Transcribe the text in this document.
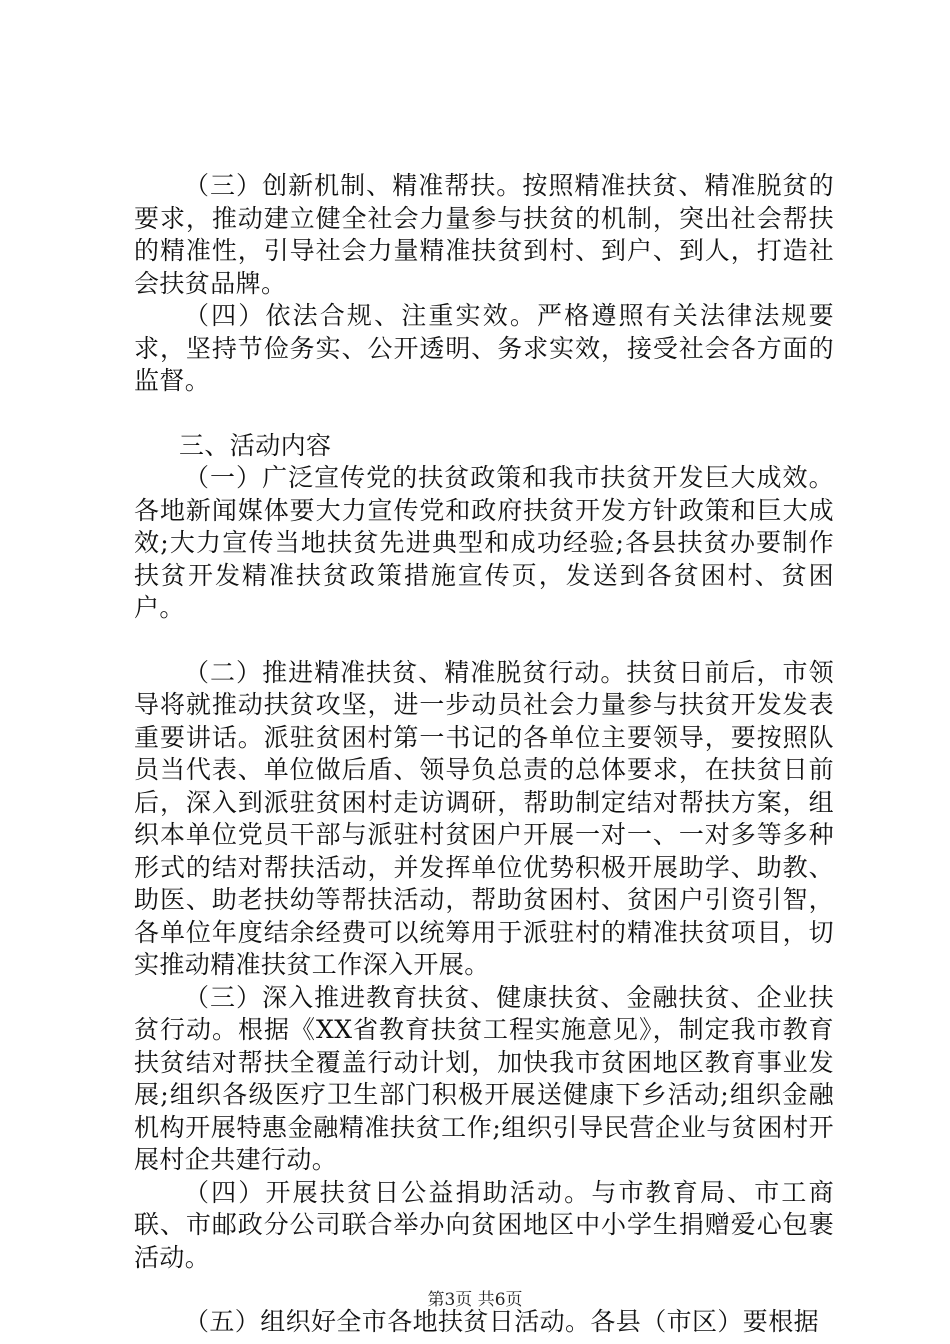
（三）创新机制、精准帮扶。按照精准扶贫、精准脱贫的要求，推动建立健全社会力量参与扶贫的机制，突出社会帮扶的精准性，引导社会力量精准扶贫到村、到户、到人，打造社会扶贫品牌。

（四）依法合规、注重实效。严格遵照有关法律法规要求，坚持节俭务实、公开透明、务求实效，接受社会各方面的监督。

三、活动内容

（一）广泛宣传党的扶贫政策和我市扶贫开发巨大成效。各地新闻媒体要大力宣传党和政府扶贫开发方针政策和巨大成效;大力宣传当地扶贫先进典型和成功经验;各县扶贫办要制作扶贫开发精准扶贫政策措施宣传页，发送到各贫困村、贫困户。

（二）推进精准扶贫、精准脱贫行动。扶贫日前后，市领导将就推动扶贫攻坚，进一步动员社会力量参与扶贫开发发表重要讲话。派驻贫困村第一书记的各单位主要领导，要按照队员当代表、单位做后盾、领导负总责的总体要求，在扶贫日前后，深入到派驻贫困村走访调研，帮助制定结对帮扶方案，组织本单位党员干部与派驻村贫困户开展一对一、一对多等多种形式的结对帮扶活动，并发挥单位优势积极开展助学、助教、助医、助老扶幼等帮扶活动，帮助贫困村、贫困户引资引智，各单位年度结余经费可以统筹用于派驻村的精准扶贫项目，切实推动精准扶贫工作深入开展。

（三）深入推进教育扶贫、健康扶贫、金融扶贫、企业扶贫行动。根据《XX省教育扶贫工程实施意见》，制定我市教育扶贫结对帮扶全覆盖行动计划，加快我市贫困地区教育事业发展;组织各级医疗卫生部门积极开展送健康下乡活动;组织金融机构开展特惠金融精准扶贫工作;组织引导民营企业与贫困村开展村企共建行动。

（四）开展扶贫日公益捐助活动。与市教育局、市工商联、市邮政分公司联合举办向贫困地区中小学生捐赠爱心包裹活动。

（五）组织好全市各地扶贫日活动。各县（市区）要根据

第3页 共6页
